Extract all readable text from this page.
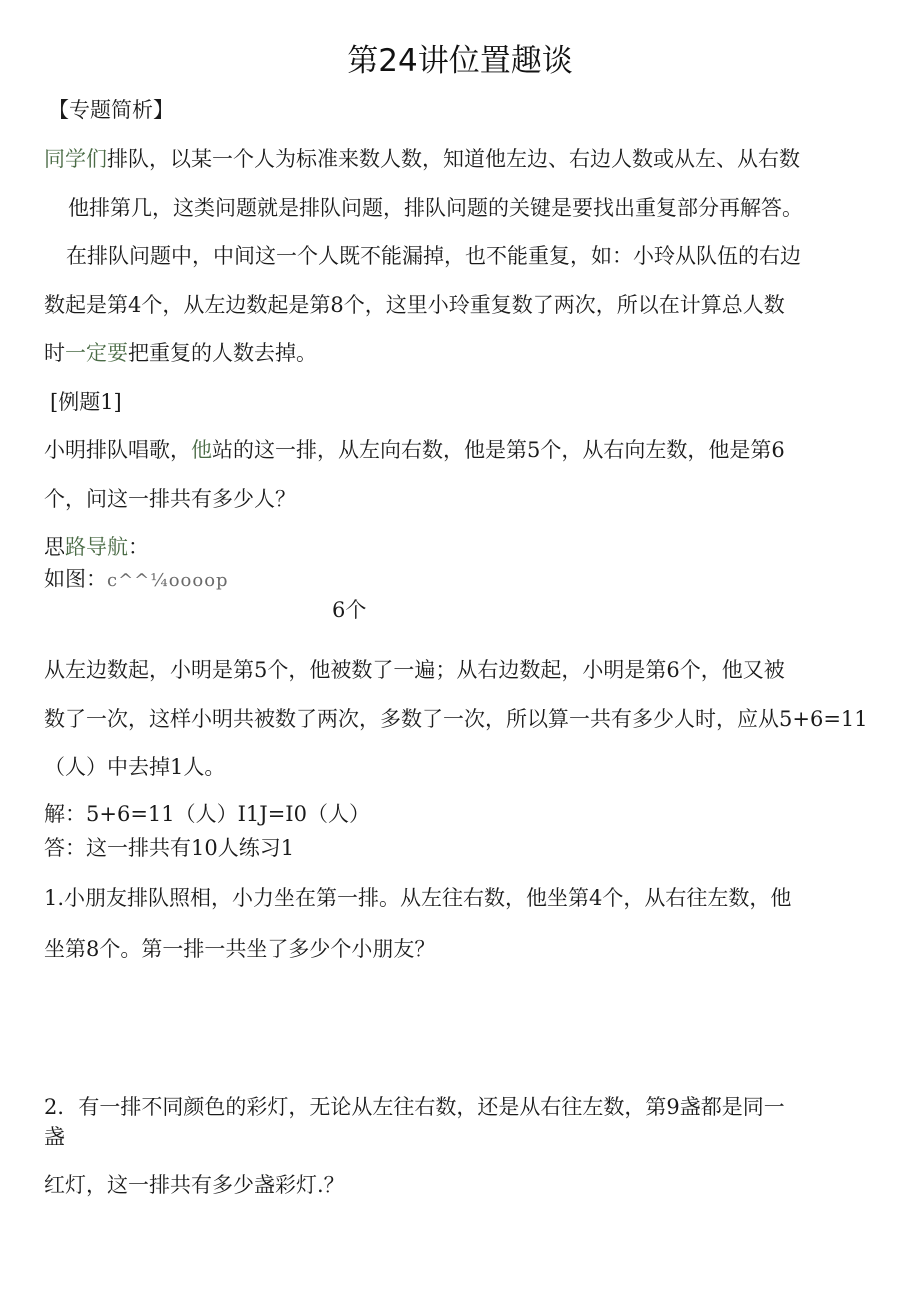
第24讲位置趣谈
【专题简析】
同学们排队，以某一个人为标准来数人数，知道他左边、右边人数或从左、从右数
他排第几，这类问题就是排队问题，排队问题的关键是要找出重复部分再解答。
在排队问题中，中间这一个人既不能漏掉，也不能重复，如：小玲从队伍的右边
数起是第4个，从左边数起是第8个，这里小玲重复数了两次，所以在计算总人数
时一定要把重复的人数去掉。
[例题1]
小明排队唱歌，他站的这一排，从左向右数，他是第5个，从右向左数，他是第6
个，问这一排共有多少人？
思路导航：
如图：c^^¼oooop
6个
从左边数起，小明是第5个，他被数了一遍；从右边数起，小明是第6个，他又被
数了一次，这样小明共被数了两次，多数了一次，所以算一共有多少人时，应从5+6=11
（人）中去掉1人。
解：5+6=11（人）I1J=I0（人）
答：这一排共有10人练习1
1.小朋友排队照相，小力坐在第一排。从左往右数，他坐第4个，从右往左数，他
坐第8个。第一排一共坐了多少个小朋友？
2．有一排不同颜色的彩灯，无论从左往右数，还是从右往左数，第9盏都是同一
盏
红灯，这一排共有多少盏彩灯.？
